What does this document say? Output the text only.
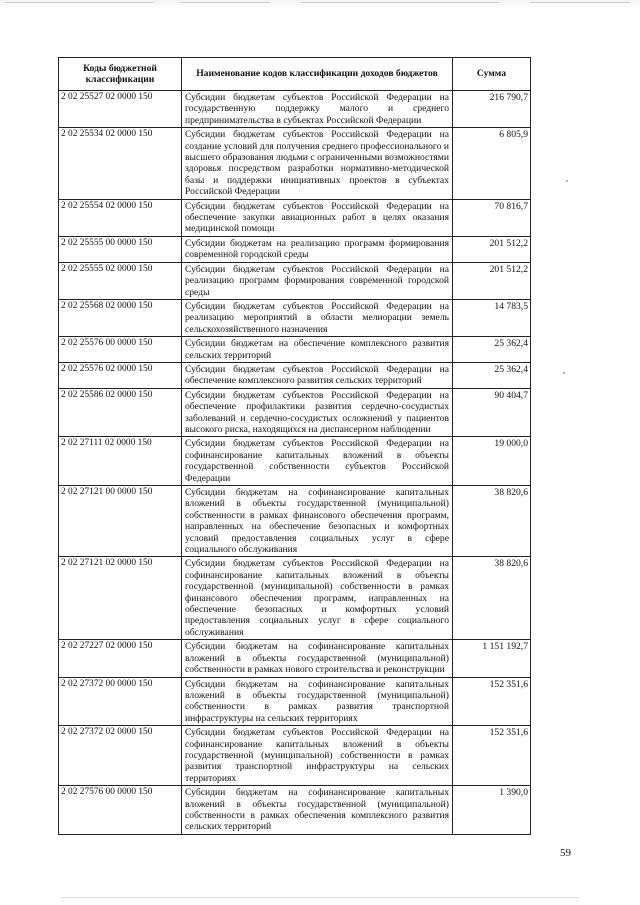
Коды бюджетной классификации	Наименование кодов классификации доходов бюджетов	Сумма
2 02 25527 02 0000 150	Субсидии бюджетам субъектов Российской Федерации на государственную поддержку малого и среднего предпринимательства в субъектах Российской Федерации	216 790,7
2 02 25534 02 0000 150	Субсидии бюджетам субъектов Российской Федерации на создание условий для получения среднего профессионального и высшего образования людьми с ограниченными возможностями здоровья посредством разработки нормативно-методической базы и поддержки инициативных проектов в субъектах Российской Федерации	6 805,9
2 02 25554 02 0000 150	Субсидии бюджетам субъектов Российской Федерации на обеспечение закупки авиационных работ в целях оказания медицинской помощи	70 816,7
2 02 25555 00 0000 150	Субсидии бюджетам на реализацию программ формирования современной городской среды	201 512,2
2 02 25555 02 0000 150	Субсидии бюджетам субъектов Российской Федерации на реализацию программ формирования современной городской среды	201 512,2
2 02 25568 02 0000 150	Субсидии бюджетам субъектов Российской Федерации на реализацию мероприятий в области мелиорации земель сельскохозяйственного назначения	14 783,5
2 02 25576 00 0000 150	Субсидии бюджетам на обеспечение комплексного развития сельских территорий	25 362,4
2 02 25576 02 0000 150	Субсидии бюджетам субъектов Российской Федерации на обеспечение комплексного развития сельских территорий	25 362,4
2 02 25586 02 0000 150	Субсидии бюджетам субъектов Российской Федерации на обеспечение профилактики развития сердечно-сосудистых заболеваний и сердечно-сосудистых осложнений у пациентов высокого риска, находящихся на диспансерном наблюдении	90 404,7
2 02 27111 02 0000 150	Субсидии бюджетам субъектов Российской Федерации на софинансирование капитальных вложений в объекты государственной собственности субъектов Российской Федерации	19 000,0
2 02 27121 00 0000 150	Субсидии бюджетам на софинансирование капитальных вложений в объекты государственной (муниципальной) собственности в рамках финансового обеспечения программ, направленных на обеспечение безопасных и комфортных условий предоставления социальных услуг в сфере социального обслуживания	38 820,6
2 02 27121 02 0000 150	Субсидии бюджетам субъектов Российской Федерации на софинансирование капитальных вложений в объекты государственной (муниципальной) собственности в рамках финансового обеспечения программ, направленных на обеспечение безопасных и комфортных условий предоставления социальных услуг в сфере социального обслуживания	38 820,6
2 02 27227 02 0000 150	Субсидии бюджетам на софинансирование капитальных вложений в объекты государственной (муниципальной) собственности в рамках нового строительства и реконструкции	1 151 192,7
2 02 27372 00 0000 150	Субсидии бюджетам на софинансирование капитальных вложений в объекты государственной (муниципальной) собственности в рамках развития транспортной инфраструктуры на сельских территориях	152 351,6
2 02 27372 02 0000 150	Субсидии бюджетам субъектов Российской Федерации на софинансирование капитальных вложений в объекты государственной (муниципальной) собственности в рамках развития транспортной инфраструктуры на сельских территориях	152 351,6
2 02 27576 00 0000 150	Субсидии бюджетам на софинансирование капитальных вложений в объекты государственной (муниципальной) собственности в рамках обеспечения комплексного развития сельских территорий	1 390,0
59
